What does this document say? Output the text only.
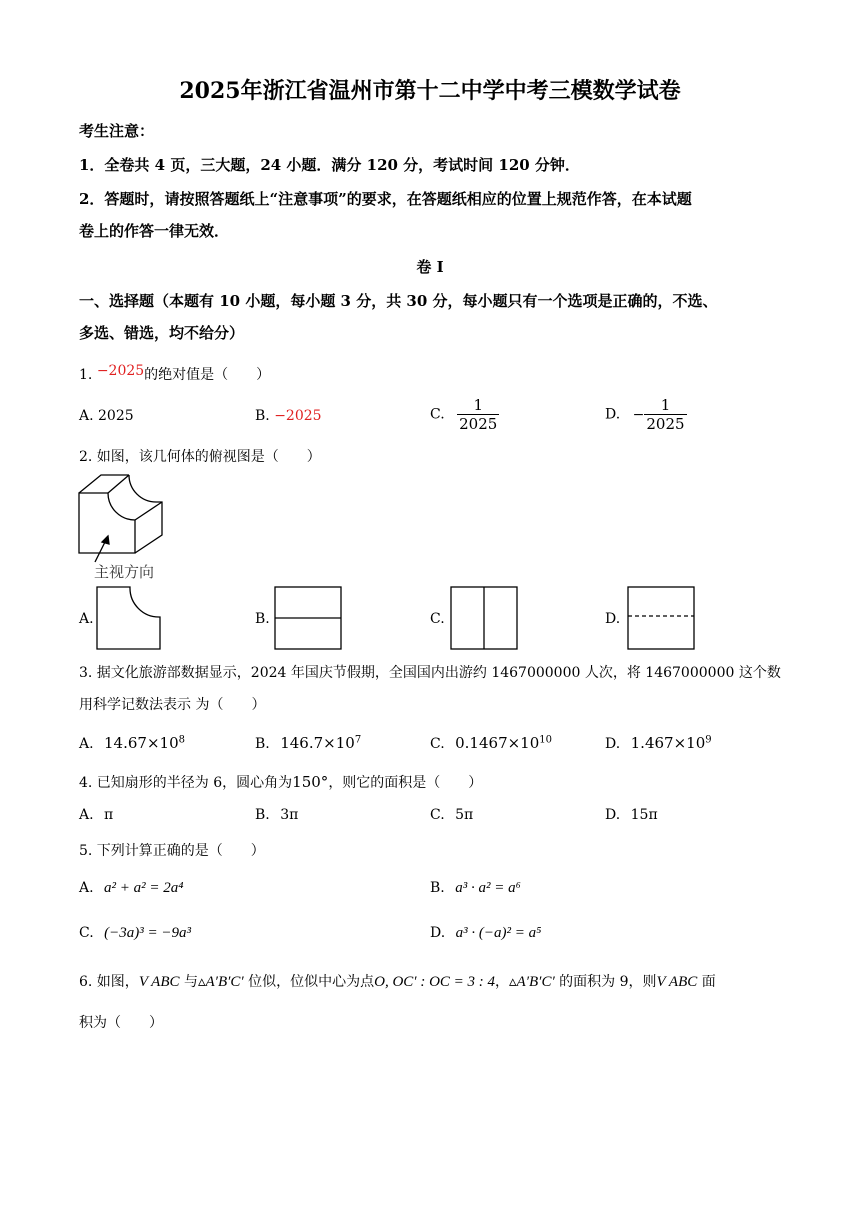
2025年浙江省温州市第十二中学中考三模数学试卷
考生注意：
1．全卷共 4 页，三大题，24 小题．满分 120 分，考试时间 120 分钟．
2．答题时，请按照答题纸上“注意事项”的要求，在答题纸相应的位置上规范作答，在本试题
卷上的作答一律无效．
卷 I
一、选择题（本题有 10 小题，每小题 3 分，共 30 分，每小题只有一个选项是正确的，不选、
多选、错选，均不给分）
1. −2025的绝对值是（　　）
A. 2025	B. −2025	C. $\frac{1}{2025}$	D. − $\frac{1}{2025}$
2. 如图，该几何体的俯视图是（　　）
主视方向
A.	B.	C.	D.
3. 据文化旅游部数据显示，2024 年国庆节假期，全国国内出游约 1467000000 人次，将 1467000000 这个数
用科学记数法表示 为（　　）
A. $14.67\times 10^8$	B. $146.7\times 10^7$	C. $0.1467\times 10^{10}$	D. $1.467\times 10^9$
4. 已知扇形的半径为 6，圆心角为150°，则它的面积是（　　）
A. π	B. 3π	C. 5π	D. 15π
5. 下列计算正确的是（　　）
A. a² + a² = 2a⁴	B. a³ · a² = a⁶
C. (−3a)³ = −9a³	D. a³ · (−a)² = a⁵
6. 如图，V ABC 与▵A′B′C′ 位似，位似中心为点O, OC′ : OC = 3 : 4，▵A′B′C′ 的面积为 9，则V ABC 面
积为（　　）
